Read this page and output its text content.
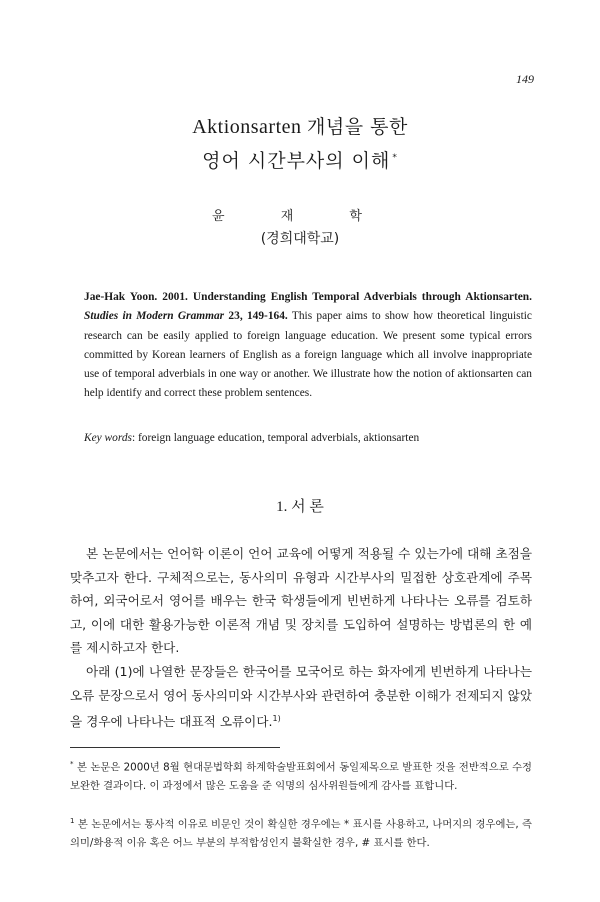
149
Aktionsarten 개념을 통한
영어 시간부사의 이해 *
윤 재 학
(경희대학교)
Jae-Hak Yoon. 2001. Understanding English Temporal Adverbials through Aktionsarten. Studies in Modern Grammar 23, 149-164. This paper aims to show how theoretical linguistic research can be easily applied to foreign language education. We present some typical errors committed by Korean learners of English as a foreign language which all involve inappropriate use of temporal adverbials in one way or another. We illustrate how the notion of aktionsarten can help identify and correct these problem sentences.
Key words: foreign language education, temporal adverbials, aktionsarten
1. 서 론

본 논문에서는 언어학 이론이 언어 교육에 어떻게 적용될 수 있는가에 대해 초점을 맞추고자 한다. 구체적으로는, 동사의미 유형과 시간부사의 밀접한 상호관계에 주목하여, 외국어로서 영어를 배우는 한국 학생들에게 빈번하게 나타나는 오류를 검토하고, 이에 대한 활용가능한 이론적 개념 및 장치를 도입하여 설명하는 방법론의 한 예를 제시하고자 한다.

아래 (1)에 나열한 문장들은 한국어를 모국어로 하는 화자에게 빈번하게 나타나는 오류 문장으로서 영어 동사의미와 시간부사와 관련하여 충분한 이해가 전제되지 않았을 경우에 나타나는 대표적 오류이다.$^{1)}$

* 본 논문은 2000년 8월 현대문법학회 하계학술발표회에서 동일제목으로 발표한 것을 전반적으로 수정 보완한 결과이다. 이 과정에서 많은 도움을 준 익명의 심사위원들에게 감사를 표합니다.
$^1$ 본 논문에서는 통사적 이유로 비문인 것이 확실한 경우에는 * 표시를 사용하고, 나머지의 경우에는, 즉 의미/화용적 이유 혹은 어느 부분의 부적합성인지 불확실한 경우, # 표시를 한다.
